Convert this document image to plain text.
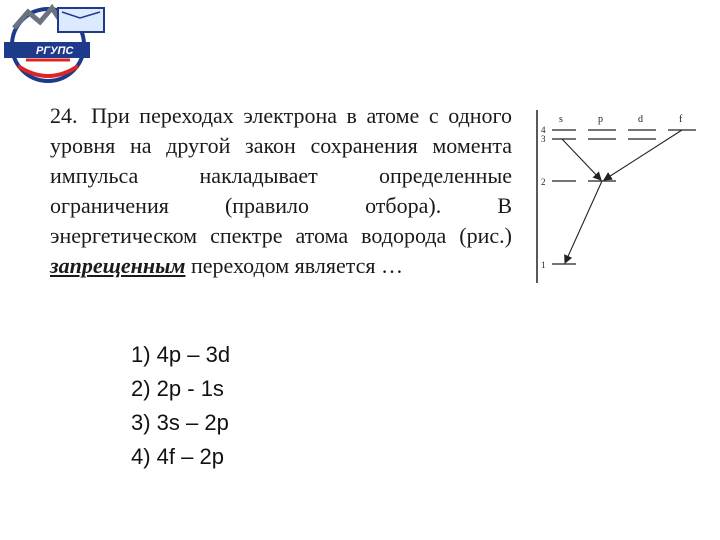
РГУПС
24. При переходах электрона в атоме с одного уровня на другой закон сохранения момента импульса накладывает определенные ограничения (правило отбора). В энергетическом спектре атома водорода (рис.) запрещенным переходом является …
1) 4p – 3d
2) 2p - 1s
3) 3s – 2p
4) 4f – 2p
s	p	d	f
4
3
2
1
